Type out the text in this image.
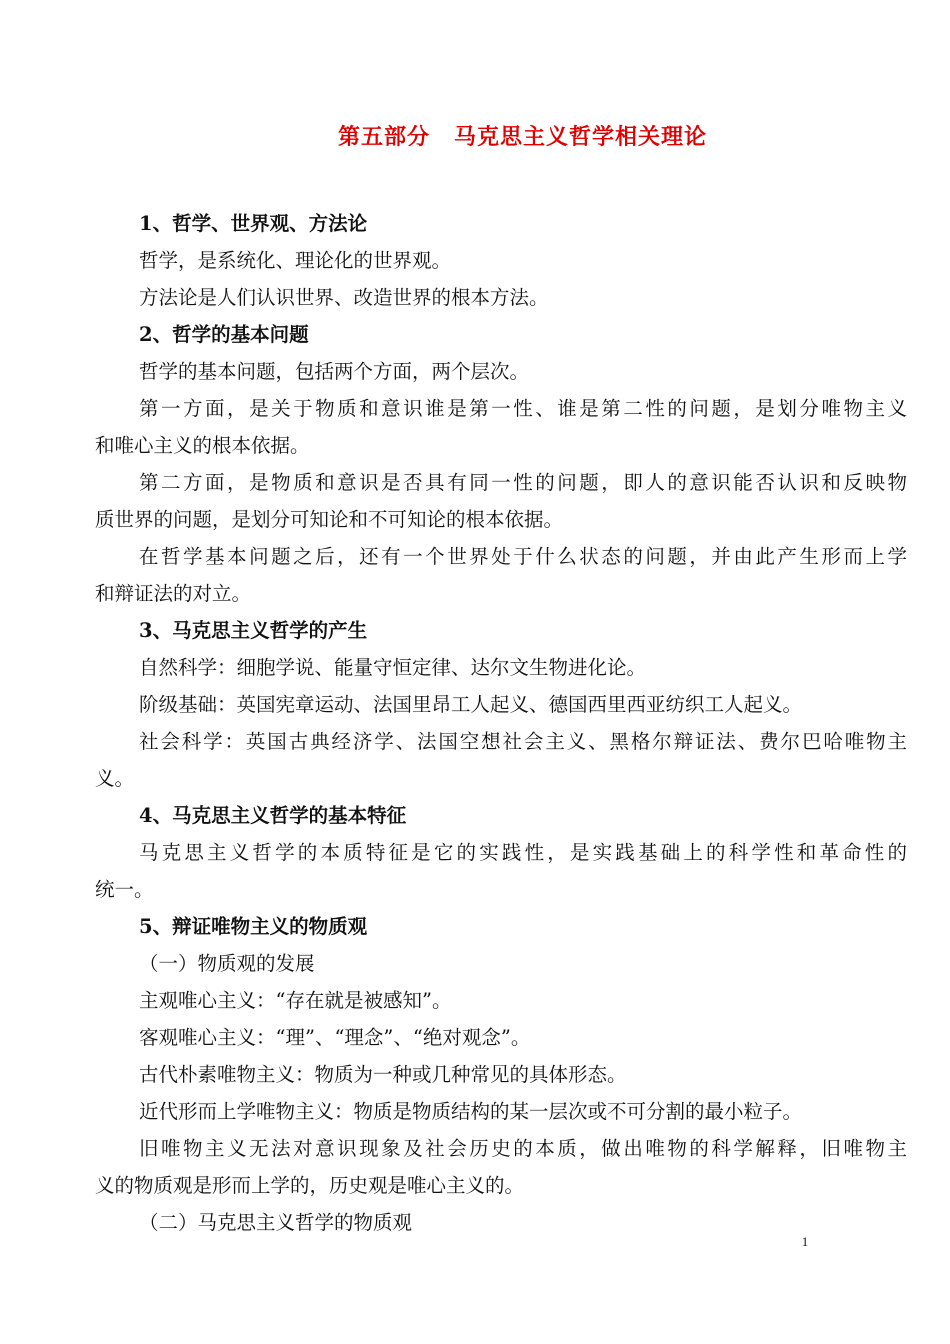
第五部分 马克思主义哲学相关理论
1、哲学、世界观、方法论
哲学，是系统化、理论化的世界观。
方法论是人们认识世界、改造世界的根本方法。
2、哲学的基本问题
哲学的基本问题，包括两个方面，两个层次。
第一方面，是关于物质和意识谁是第一性、谁是第二性的问题，是划分唯物主义
和唯心主义的根本依据。
第二方面，是物质和意识是否具有同一性的问题，即人的意识能否认识和反映物
质世界的问题，是划分可知论和不可知论的根本依据。
在哲学基本问题之后，还有一个世界处于什么状态的问题，并由此产生形而上学
和辩证法的对立。
3、马克思主义哲学的产生
自然科学：细胞学说、能量守恒定律、达尔文生物进化论。
阶级基础：英国宪章运动、法国里昂工人起义、德国西里西亚纺织工人起义。
社会科学：英国古典经济学、法国空想社会主义、黑格尔辩证法、费尔巴哈唯物主
义。
4、马克思主义哲学的基本特征
马克思主义哲学的本质特征是它的实践性，是实践基础上的科学性和革命性的
统一。
5、辩证唯物主义的物质观
（一）物质观的发展
主观唯心主义：“存在就是被感知”。
客观唯心主义：“理”、“理念”、“绝对观念”。
古代朴素唯物主义：物质为一种或几种常见的具体形态。
近代形而上学唯物主义：物质是物质结构的某一层次或不可分割的最小粒子。
旧唯物主义无法对意识现象及社会历史的本质，做出唯物的科学解释，旧唯物主
义的物质观是形而上学的，历史观是唯心主义的。
（二）马克思主义哲学的物质观
1
